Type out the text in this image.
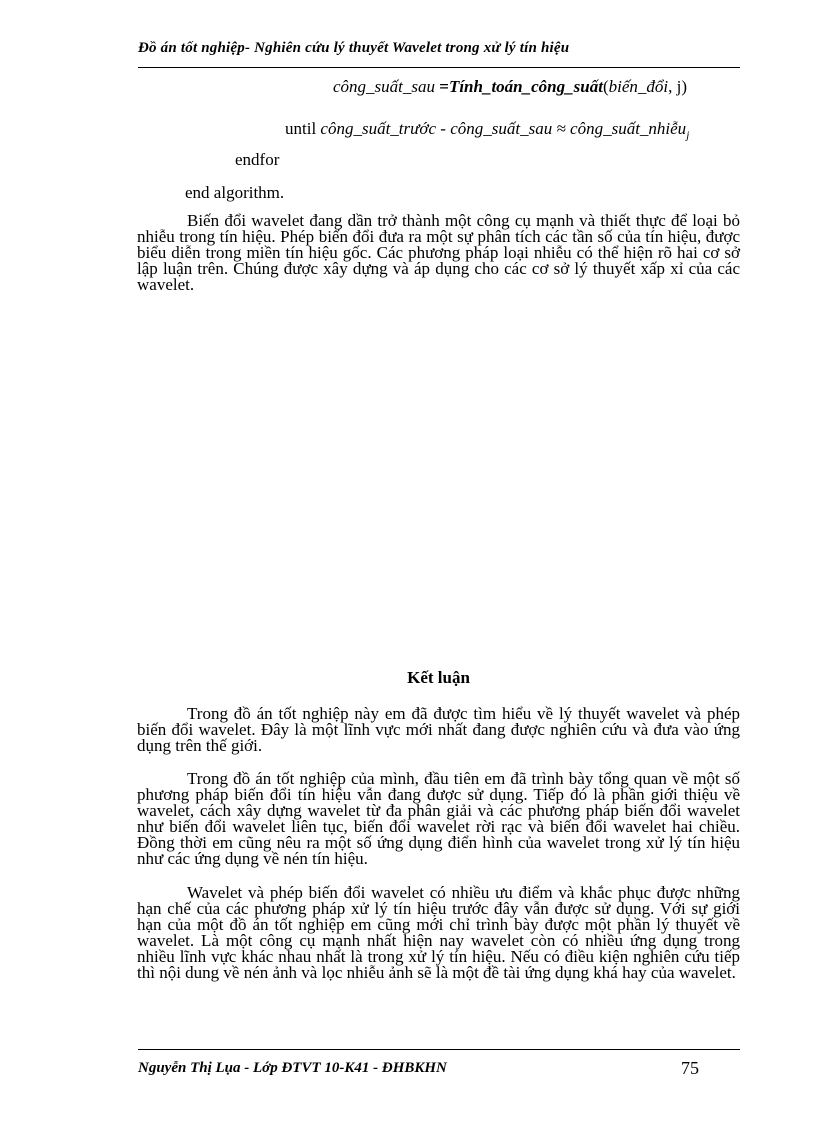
Đồ án tốt nghiệp- Nghiên cứu lý thuyết Wavelet trong xử lý tín hiệu
công_suất_sau =Tính_toán_công_suất(biến_đổi, j)
until công_suất_trước - công_suất_sau ≈ công_suất_nhiễu$_j$
endfor
end algorithm.

Biến đổi wavelet đang dần trở thành một công cụ mạnh và thiết thực để loại bỏ nhiễu trong tín hiệu. Phép biến đổi đưa ra một sự phân tích các tần số của tín hiệu, được biểu diễn trong miền tín hiệu gốc. Các phương pháp loại nhiễu có thể hiện rõ hai cơ sở lập luận trên. Chúng được xây dựng và áp dụng cho các cơ sở lý thuyết xấp xỉ của các wavelet.

Kết luận

Trong đồ án tốt nghiệp này em đã được tìm hiểu về lý thuyết wavelet và phép biến đổi wavelet. Đây là một lĩnh vực mới nhất đang được nghiên cứu và đưa vào ứng dụng trên thế giới.

Trong đồ án tốt nghiệp của mình, đầu tiên em đã trình bày tổng quan về một số phương pháp biến đổi tín hiệu vẫn đang được sử dụng. Tiếp đó là phần giới thiệu về wavelet, cách xây dựng wavelet từ đa phân giải và các phương pháp biến đổi wavelet như biến đổi wavelet liên tục, biến đổi wavelet rời rạc và biến đổi wavelet hai chiều. Đồng thời em cũng nêu ra một số ứng dụng điển hình của wavelet trong xử lý tín hiệu như các ứng dụng về nén tín hiệu.

Wavelet và phép biến đổi wavelet có nhiều ưu điểm và khắc phục được những hạn chế của các phương pháp xử lý tín hiệu trước đây vẫn được sử dụng. Với sự giới hạn của một đồ án tốt nghiệp em cũng mới chỉ trình bày được một phần lý thuyết về wavelet. Là một công cụ mạnh nhất hiện nay wavelet còn có nhiều ứng dụng trong nhiều lĩnh vực khác nhau nhất là trong xử lý tín hiệu. Nếu có điều kiện nghiên cứu tiếp thì nội dung về nén ảnh và lọc nhiễu ảnh sẽ là một đề tài ứng dụng khá hay của wavelet.

Nguyễn Thị Lụa - Lớp ĐTVT 10-K41 - ĐHBKHN	75
